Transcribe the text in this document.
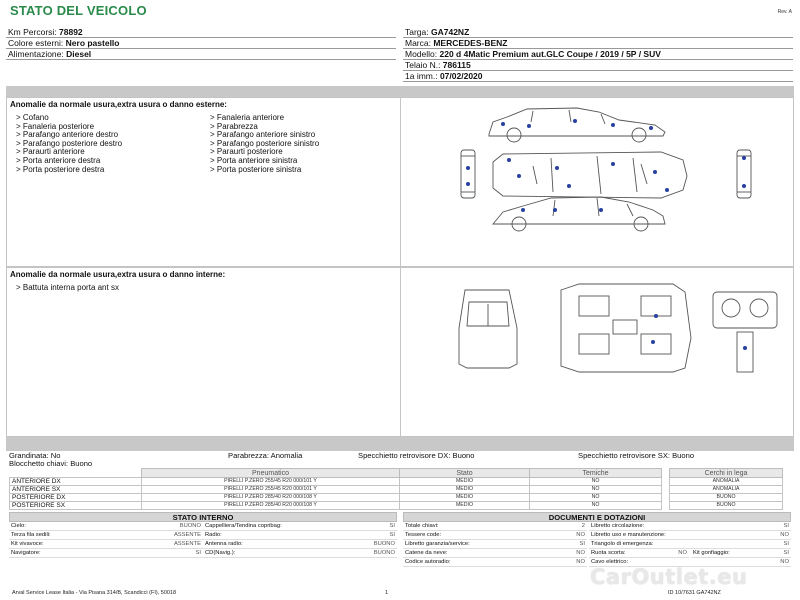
STATO DEL VEICOLO	Rev. A
Km Percorsi: 78892
Colore esterni: Nero pastello
Alimentazione: Diesel
Targa: GA742NZ
Marca: MERCEDES-BENZ
Modello: 220 d 4Matic Premium aut.GLC Coupe / 2019 / 5P / SUV
Telaio N.: 786115
1a imm.: 07/02/2020
Anomalie da normale usura,extra usura o danno esterne:
> Cofano
> Fanaleria posteriore
> Parafango anteriore destro
> Parafango posteriore destro
> Paraurti anteriore
> Porta anteriore destra
> Porta posteriore destra
> Fanaleria anteriore
> Parabrezza
> Parafango anteriore sinistro
> Parafango posteriore sinistro
> Paraurti posteriore
> Porta anteriore sinistra
> Porta posteriore sinistra
Anomalie da normale usura,extra usura o danno interne:
> Battuta interna porta ant sx
Grandinata: No	Parabrezza: Anomalia	Specchietto retrovisore DX: Buono	Specchietto retrovisore SX: Buono
Blocchetto chiavi: Buono
	Pneumatico	Stato	Temiche		Cerchi in lega
ANTERIORE DX	PIRELLI P.ZERO 255/45 R20 000/101 Y	MEDIO	NO		ANOMALIA
ANTERIORE SX	PIRELLI P.ZERO 255/45 R20 000/101 Y	MEDIO	NO		ANOMALIA
POSTERIORE DX	PIRELLI P.ZERO 285/40 R20 000/108 Y	MEDIO	NO		BUONO
POSTERIORE SX	PIRELLI P.ZERO 285/40 R20 000/108 Y	MEDIO	NO		BUONO
STATO INTERNO
Cielo:	BUONO
Terza fila sedili:	ASSENTE
Kit vivavoce:	ASSENTE
Navigatore:	SI
Cappelliera/Tendina copribag:	SI
Radio:	SI
Antenna radio:	BUONO
CD(Navig.):	BUONO
DOCUMENTI E DOTAZIONI
Totale chiavi:	2
Tessere code:	NO
Libretto garanzia/service:	SI
Catene da neve:	NO
Codice autoradio:	NO
Libretto circolazione:	SI
Libretto uso e manutenzione:	NO
Triangolo di emergenza:	SI
Ruota scorta:	NO Kit gonfiaggio:	SI
Cavo elettrico:	NO
CarOutlet.eu
Arval Service Lease Italia - Via Pisana 314/B, Scandicci (FI), 50018	1	ID 10/7631 GA742NZ
